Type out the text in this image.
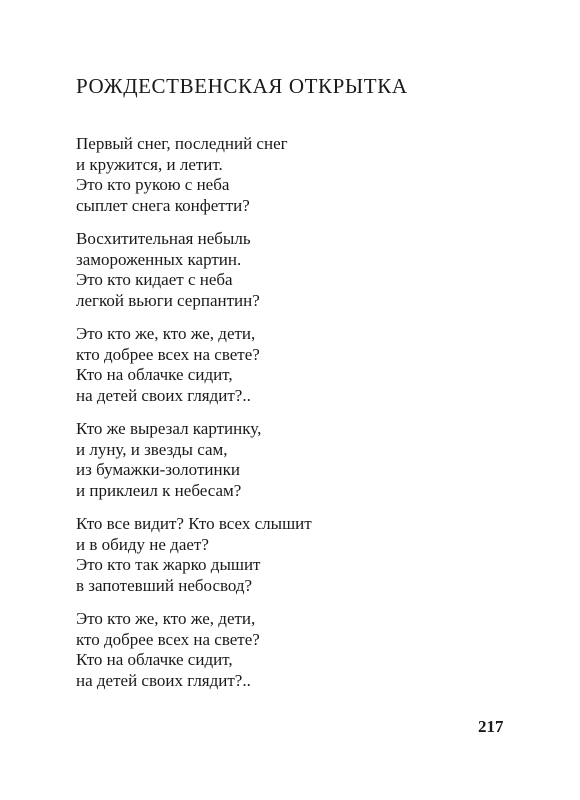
РОЖДЕСТВЕНСКАЯ ОТКРЫТКА
Первый снег, последний снег
и кружится, и летит.
Это кто рукою с неба
сыплет снега конфетти?
Восхитительная небыль
замороженных картин.
Это кто кидает с неба
легкой вьюги серпантин?
Это кто же, кто же, дети,
кто добрее всех на свете?
Кто на облачке сидит,
на детей своих глядит?..
Кто же вырезал картинку,
и луну, и звезды сам,
из бумажки-золотинки
и приклеил к небесам?
Кто все видит? Кто всех слышит
и в обиду не дает?
Это кто так жарко дышит
в запотевший небосвод?
Это кто же, кто же, дети,
кто добрее всех на свете?
Кто на облачке сидит,
на детей своих глядит?..

217
